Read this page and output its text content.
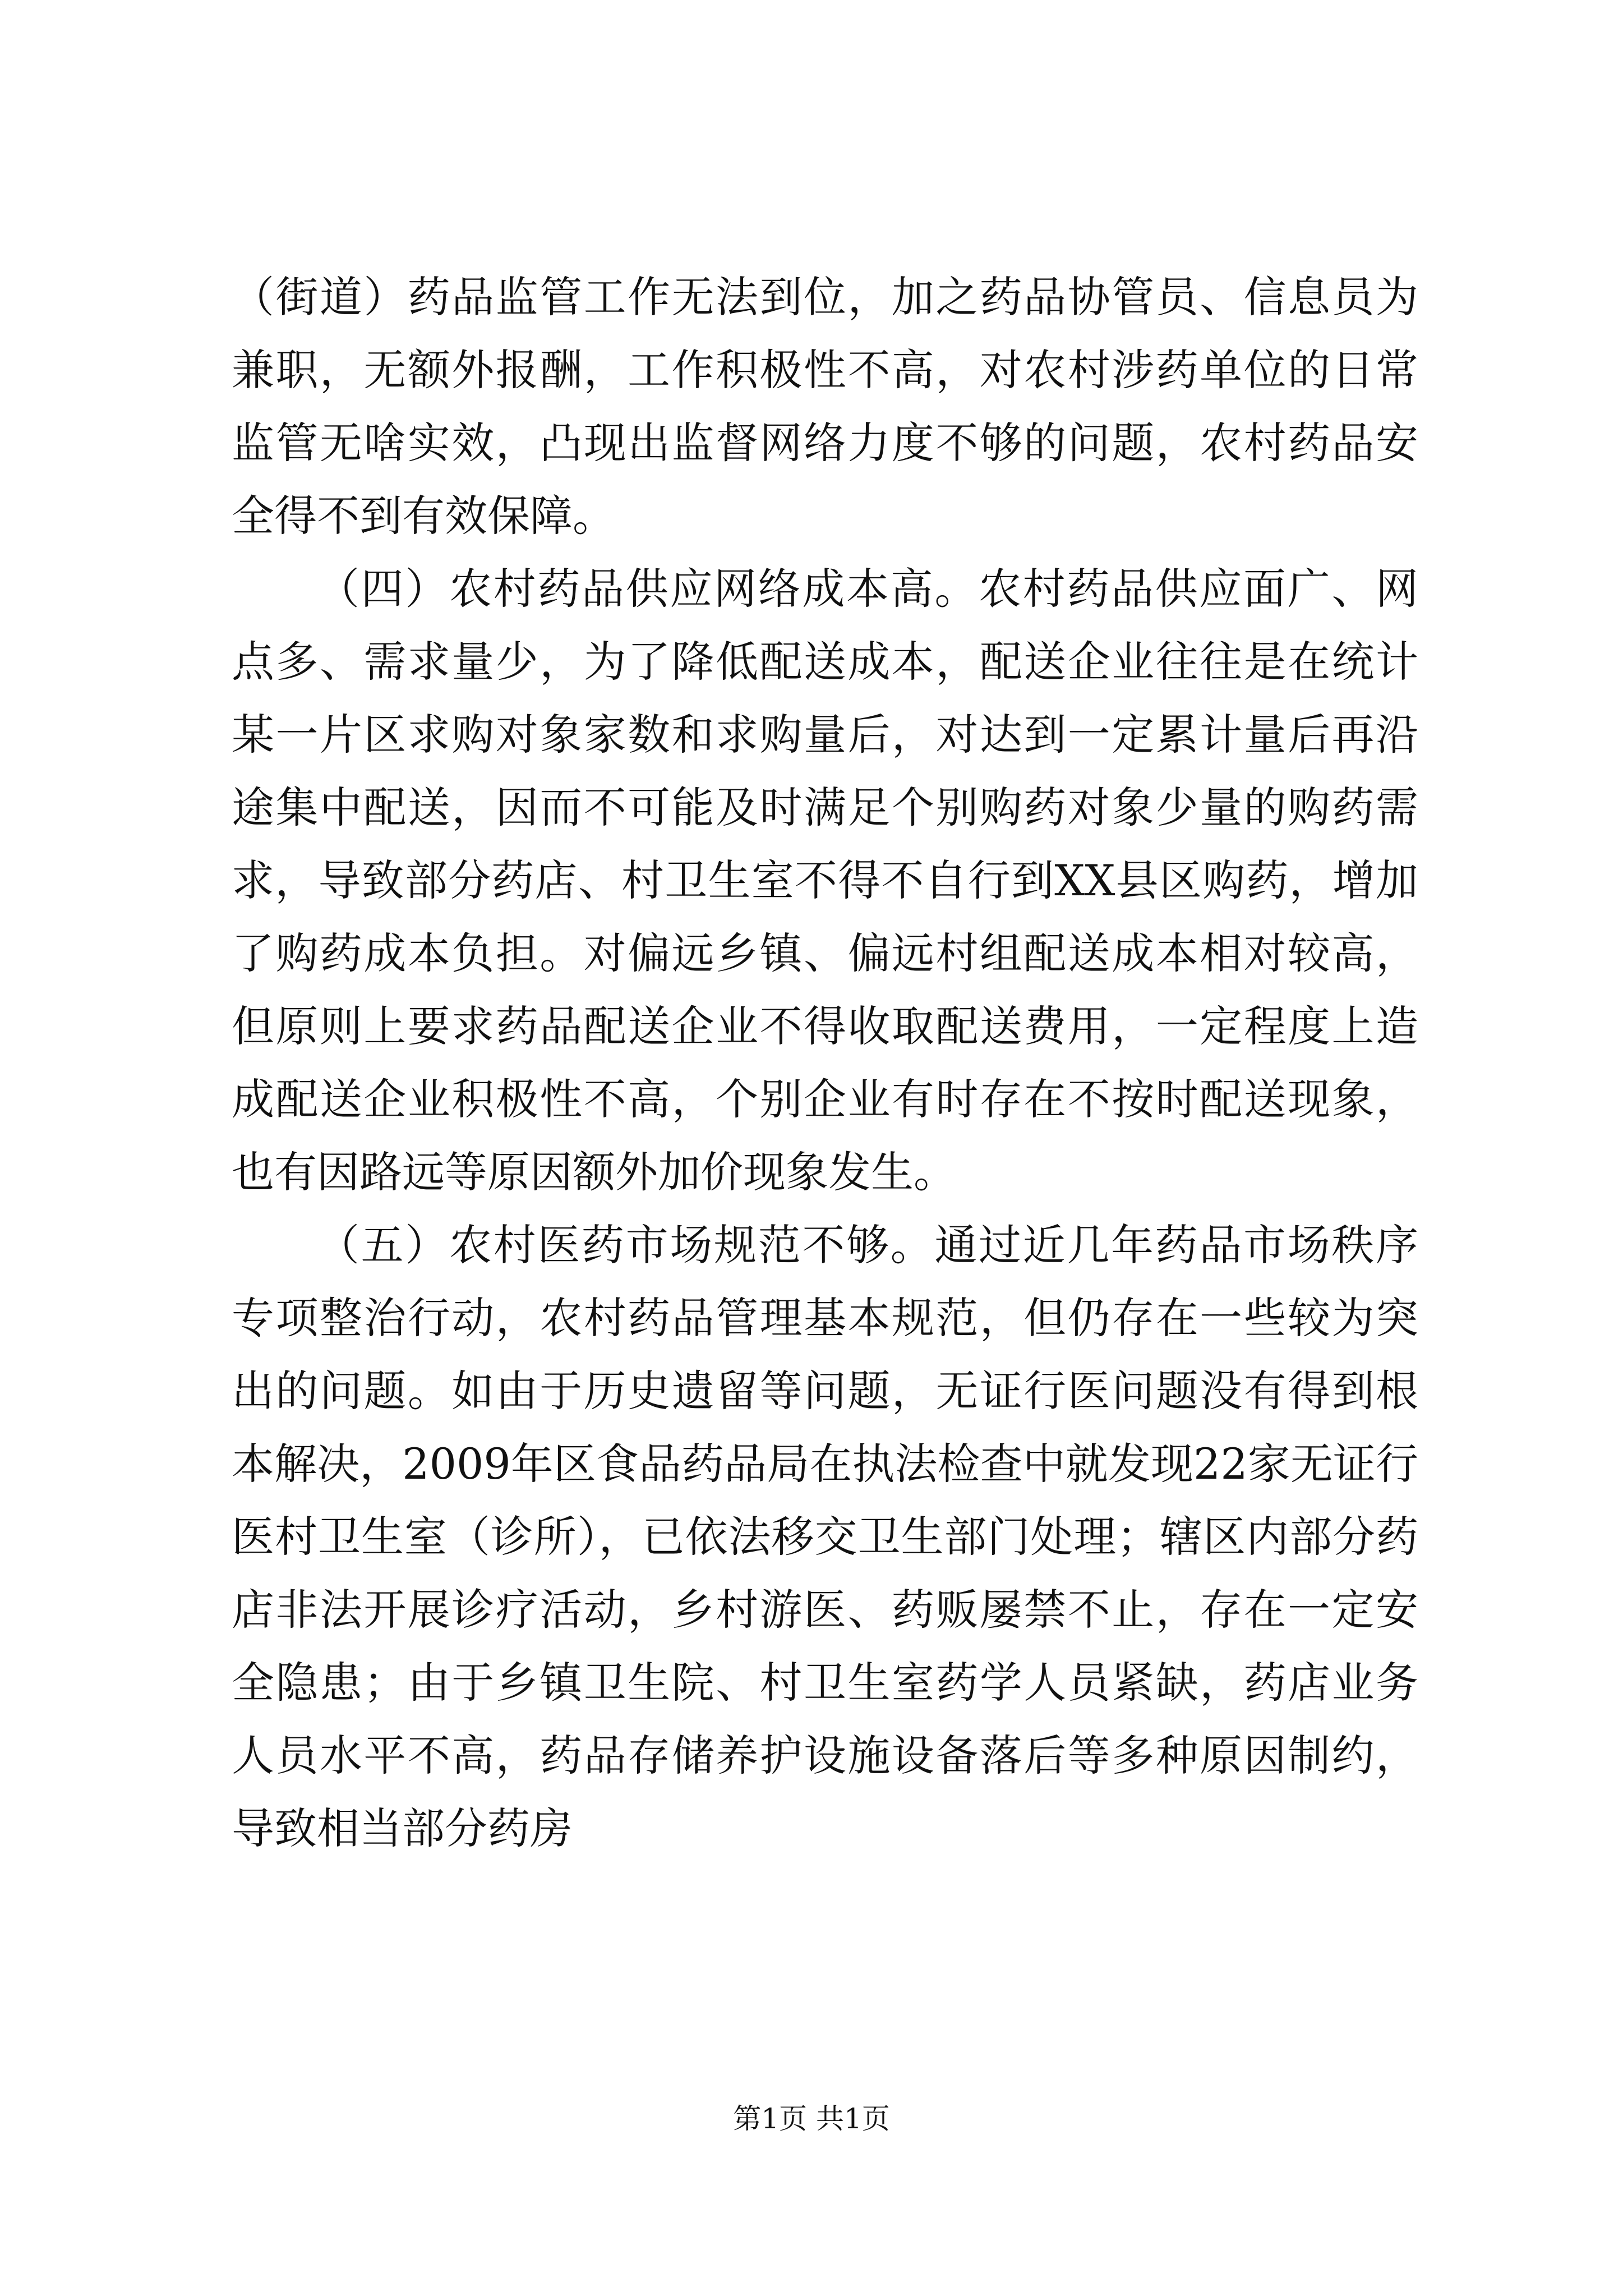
（街道）药品监管工作无法到位，加之药品协管员、信息员为兼职，无额外报酬，工作积极性不高，对农村涉药单位的日常监管无啥实效，凸现出监督网络力度不够的问题，农村药品安全得不到有效保障。

（四）农村药品供应网络成本高。农村药品供应面广、网点多、需求量少，为了降低配送成本，配送企业往往是在统计某一片区求购对象家数和求购量后，对达到一定累计量后再沿途集中配送，因而不可能及时满足个别购药对象少量的购药需求，导致部分药店、村卫生室不得不自行到XX县区购药，增加了购药成本负担。对偏远乡镇、偏远村组配送成本相对较高，但原则上要求药品配送企业不得收取配送费用，一定程度上造成配送企业积极性不高，个别企业有时存在不按时配送现象，也有因路远等原因额外加价现象发生。

（五）农村医药市场规范不够。通过近几年药品市场秩序专项整治行动，农村药品管理基本规范，但仍存在一些较为突出的问题。如由于历史遗留等问题，无证行医问题没有得到根本解决，2009年区食品药品局在执法检查中就发现22家无证行医村卫生室（诊所），已依法移交卫生部门处理；辖区内部分药店非法开展诊疗活动，乡村游医、药贩屡禁不止，存在一定安全隐患；由于乡镇卫生院、村卫生室药学人员紧缺，药店业务人员水平不高，药品存储养护设施设备落后等多种原因制约，导致相当部分药房

第1页 共1页
